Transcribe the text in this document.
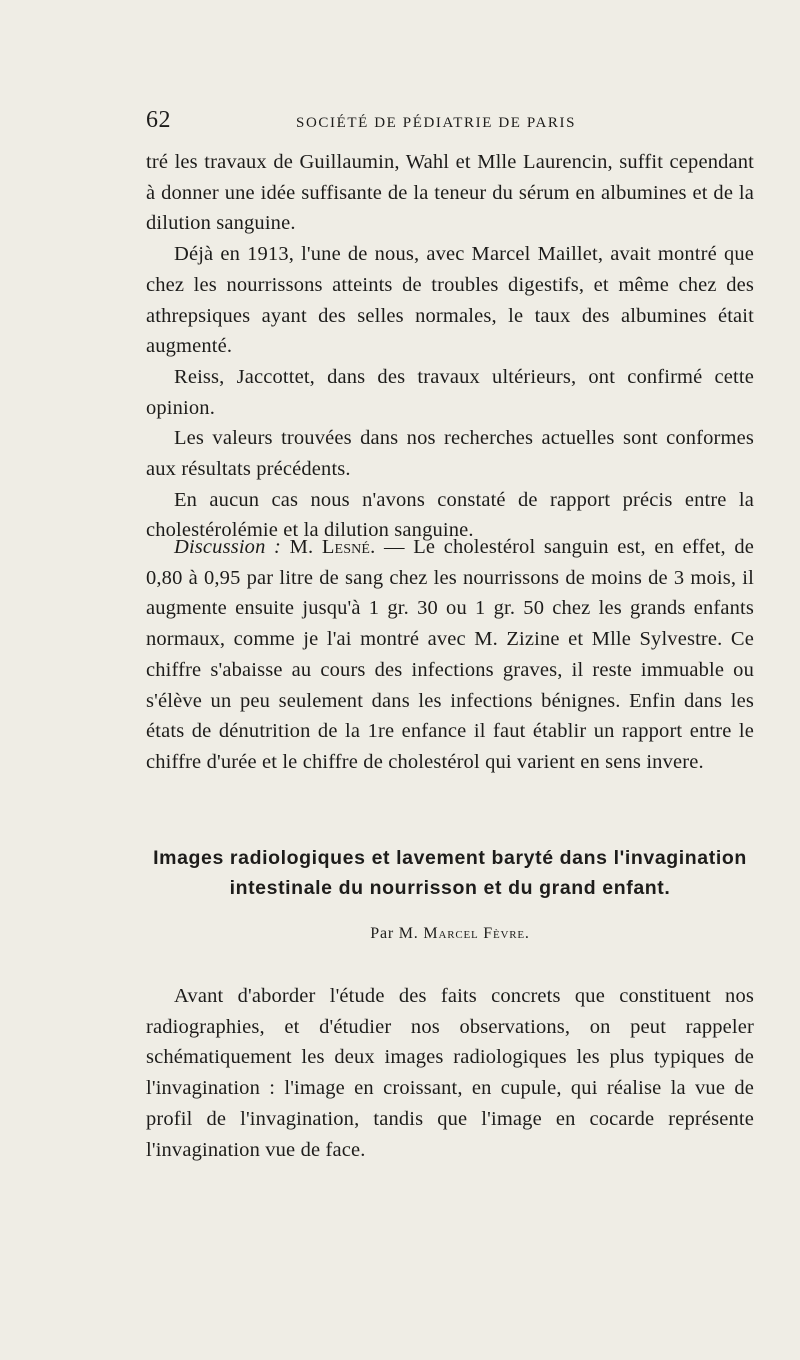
62	SOCIÉTÉ DE PÉDIATRIE DE PARIS

tré les travaux de Guillaumin, Wahl et Mlle Laurencin, suffit cependant à donner une idée suffisante de la teneur du sérum en albumines et de la dilution sanguine.

Déjà en 1913, l'une de nous, avec Marcel Maillet, avait montré que chez les nourrissons atteints de troubles digestifs, et même chez des athrepsiques ayant des selles normales, le taux des albumines était augmenté.

Reiss, Jaccottet, dans des travaux ultérieurs, ont confirmé cette opinion.

Les valeurs trouvées dans nos recherches actuelles sont conformes aux résultats précédents.

En aucun cas nous n'avons constaté de rapport précis entre la cholestérolémie et la dilution sanguine.

Discussion : M. Lesné. — Le cholestérol sanguin est, en effet, de 0,80 à 0,95 par litre de sang chez les nourrissons de moins de 3 mois, il augmente ensuite jusqu'à 1 gr. 30 ou 1 gr. 50 chez les grands enfants normaux, comme je l'ai montré avec M. Zizine et Mlle Sylvestre. Ce chiffre s'abaisse au cours des infections graves, il reste immuable ou s'élève un peu seulement dans les infections bénignes. Enfin dans les états de dénutrition de la 1re enfance il faut établir un rapport entre le chiffre d'urée et le chiffre de cholestérol qui varient en sens invere.

Images radiologiques et lavement baryté dans l'invagination
intestinale du nourrisson et du grand enfant.
Par M. Marcel Fèvre.

Avant d'aborder l'étude des faits concrets que constituent nos radiographies, et d'étudier nos observations, on peut rappeler schématiquement les deux images radiologiques les plus typiques de l'invagination : l'image en croissant, en cupule, qui réalise la vue de profil de l'invagination, tandis que l'image en cocarde représente l'invagination vue de face.
